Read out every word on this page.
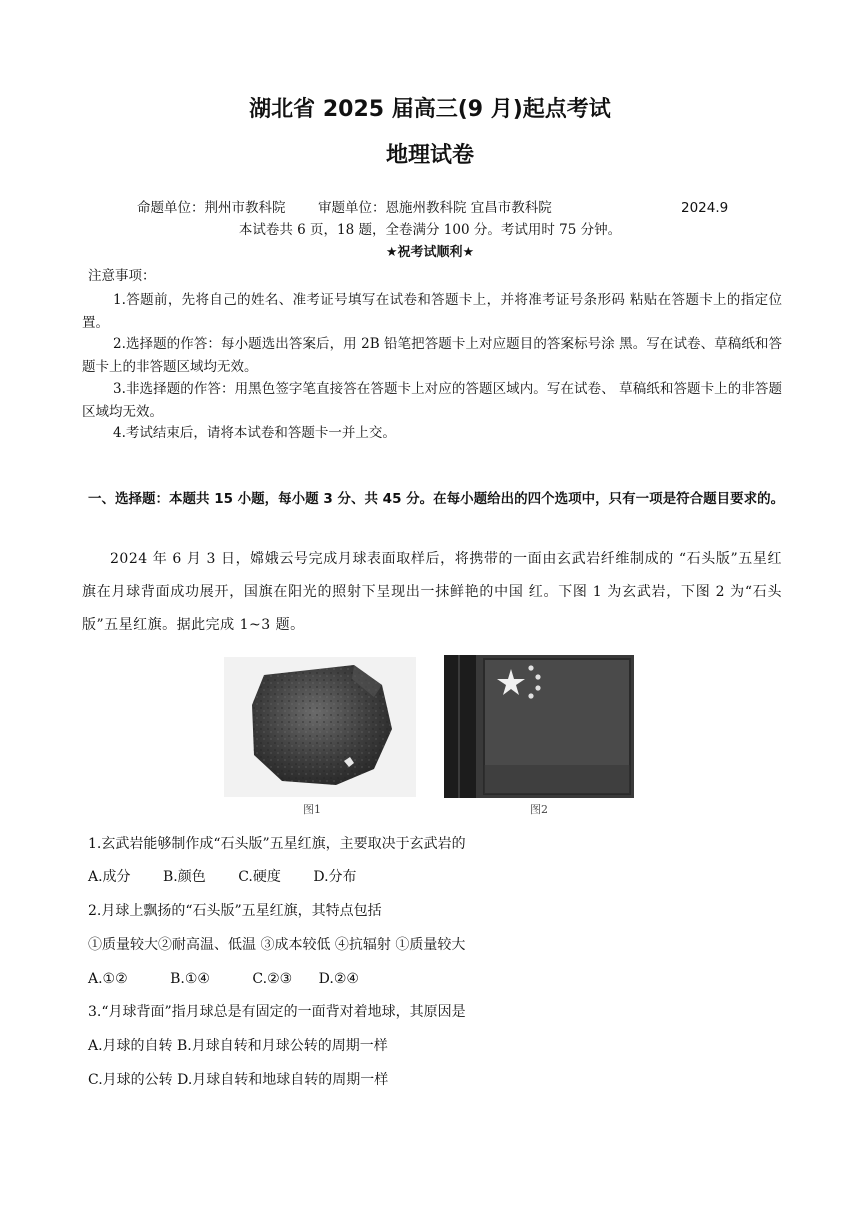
湖北省 2025 届高三(9 月)起点考试
地理试卷
命题单位：荆州市教科院 审题单位：恩施州教科院 宜昌市教科院	2024.9
本试卷共 6 页，18 题，全卷满分 100 分。考试用时 75 分钟。
★祝考试顺利★
注意事项：
1.答题前，先将自己的姓名、准考证号填写在试卷和答题卡上，并将准考证号条形码 粘贴在答题卡上的指定位置。
2.选择题的作答：每小题选出答案后，用 2B 铅笔把答题卡上对应题目的答案标号涂 黑。写在试卷、草稿纸和答题卡上的非答题区域均无效。
3.非选择题的作答：用黑色签字笔直接答在答题卡上对应的答题区域内。写在试卷、 草稿纸和答题卡上的非答题区域均无效。
4.考试结束后，请将本试卷和答题卡一并上交。
一、选择题：本题共 15 小题，每小题 3 分、共 45 分。在每小题给出的四个选项中，只有一项是符合题目要求的。
2024 年 6 月 3 日，嫦娥云号完成月球表面取样后，将携带的一面由玄武岩纤维制成的 “石头版”五星红旗在月球背面成功展开，国旗在阳光的照射下呈现出一抹鲜艳的中国 红。下图 1 为玄武岩，下图 2 为“石头版”五星红旗。据此完成 1~3 题。
图1	图2
1.玄武岩能够制作成“石头版”五星红旗，主要取决于玄武岩的
A.成分 B.颜色 C.硬度 D.分布
2.月球上飘扬的“石头版”五星红旗，其特点包括
①质量较大②耐高温、低温 ③成本较低 ④抗辐射 ①质量较大
A.①②	B.①④	C.②③ D.②④
3.“月球背面”指月球总是有固定的一面背对着地球，其原因是
A.月球的自转 B.月球自转和月球公转的周期一样
C.月球的公转 D.月球自转和地球自转的周期一样
